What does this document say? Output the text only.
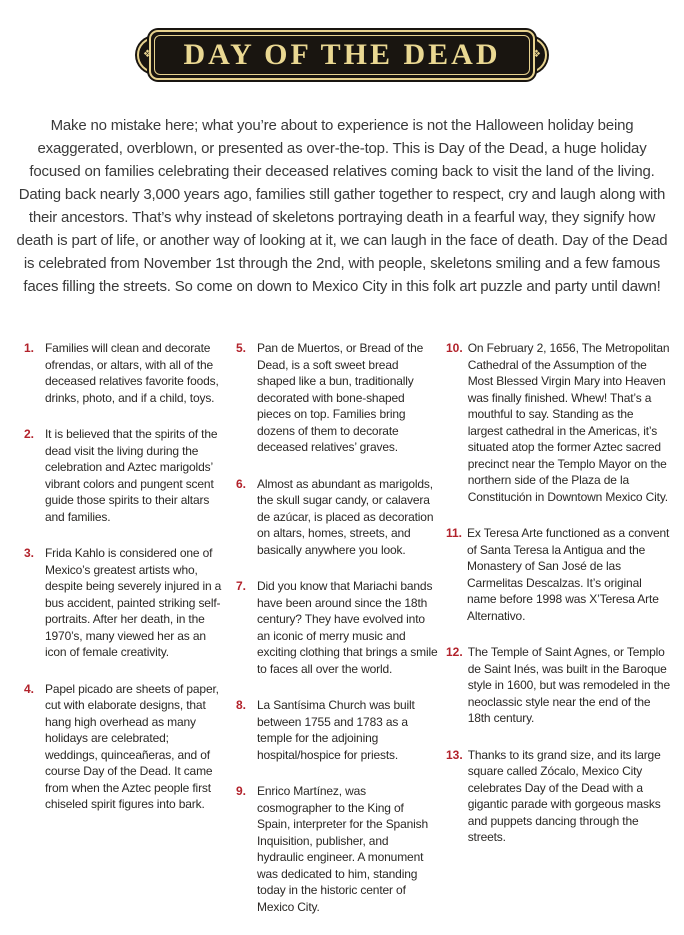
❖ DAY OF THE DEAD	❖

Make no mistake here; what you’re about to experience is not the Halloween holiday being exaggerated, overblown, or presented as over-the-top. This is Day of the Dead, a huge holiday focused on families celebrating their deceased relatives coming back to visit the land of the living. Dating back nearly 3,000 years ago, families still gather together to respect, cry and laugh along with their ancestors. That’s why instead of skeletons portraying death in a fearful way, they signify how death is part of life, or another way of looking at it, we can laugh in the face of death. Day of the Dead is celebrated from November 1st through the 2nd, with people, skeletons smiling and a few famous faces filling the streets. So come on down to Mexico City in this folk art puzzle and party until dawn!

1. Families will clean and decorate ofrendas, or altars, with all of the deceased relatives favorite foods, drinks, photo, and if a child, toys.
2. It is believed that the spirits of the dead visit the living during the celebration and Aztec marigolds’ vibrant colors and pungent scent guide those spirits to their altars and families.
3. Frida Kahlo is considered one of Mexico’s greatest artists who, despite being severely injured in a bus accident, painted striking self-portraits. After her death, in the 1970’s, many viewed her as an icon of female creativity.
4. Papel picado are sheets of paper, cut with elaborate designs, that hang high overhead as many holidays are celebrated; weddings, quinceañeras, and of course Day of the Dead. It came from when the Aztec people first chiseled spirit figures into bark.
5. Pan de Muertos, or Bread of the Dead, is a soft sweet bread shaped like a bun, traditionally decorated with bone-shaped pieces on top. Families bring dozens of them to decorate deceased relatives’ graves.
6. Almost as abundant as marigolds, the skull sugar candy, or calavera de azúcar, is placed as decoration on altars, homes, streets, and basically anywhere you look.
7. Did you know that Mariachi bands have been around since the 18th century? They have evolved into an iconic of merry music and exciting clothing that brings a smile to faces all over the world.
8. La Santísima Church was built between 1755 and 1783 as a temple for the adjoining hospital/hospice for priests.
9. Enrico Martínez, was cosmographer to the King of Spain, interpreter for the Spanish Inquisition, publisher, and hydraulic engineer. A monument was dedicated to him, standing today in the historic center of Mexico City.
10. On February 2, 1656, The Metropolitan Cathedral of the Assumption of the Most Blessed Virgin Mary into Heaven was finally finished. Whew! That’s a mouthful to say. Standing as the largest cathedral in the Americas, it’s situated atop the former Aztec sacred precinct near the Templo Mayor on the northern side of the Plaza de la Constitución in Downtown Mexico City.
11. Ex Teresa Arte functioned as a convent of Santa Teresa la Antigua and the Monastery of San José de las Carmelitas Descalzas. It’s original name before 1998 was X’Teresa Arte Alternativo.
12. The Temple of Saint Agnes, or Templo de Saint Inés, was built in the Baroque style in 1600, but was remodeled in the neoclassic style near the end of the 18th century.
13. Thanks to its grand size, and its large square called Zócalo, Mexico City celebrates Day of the Dead with a gigantic parade with gorgeous masks and puppets dancing through the streets.
